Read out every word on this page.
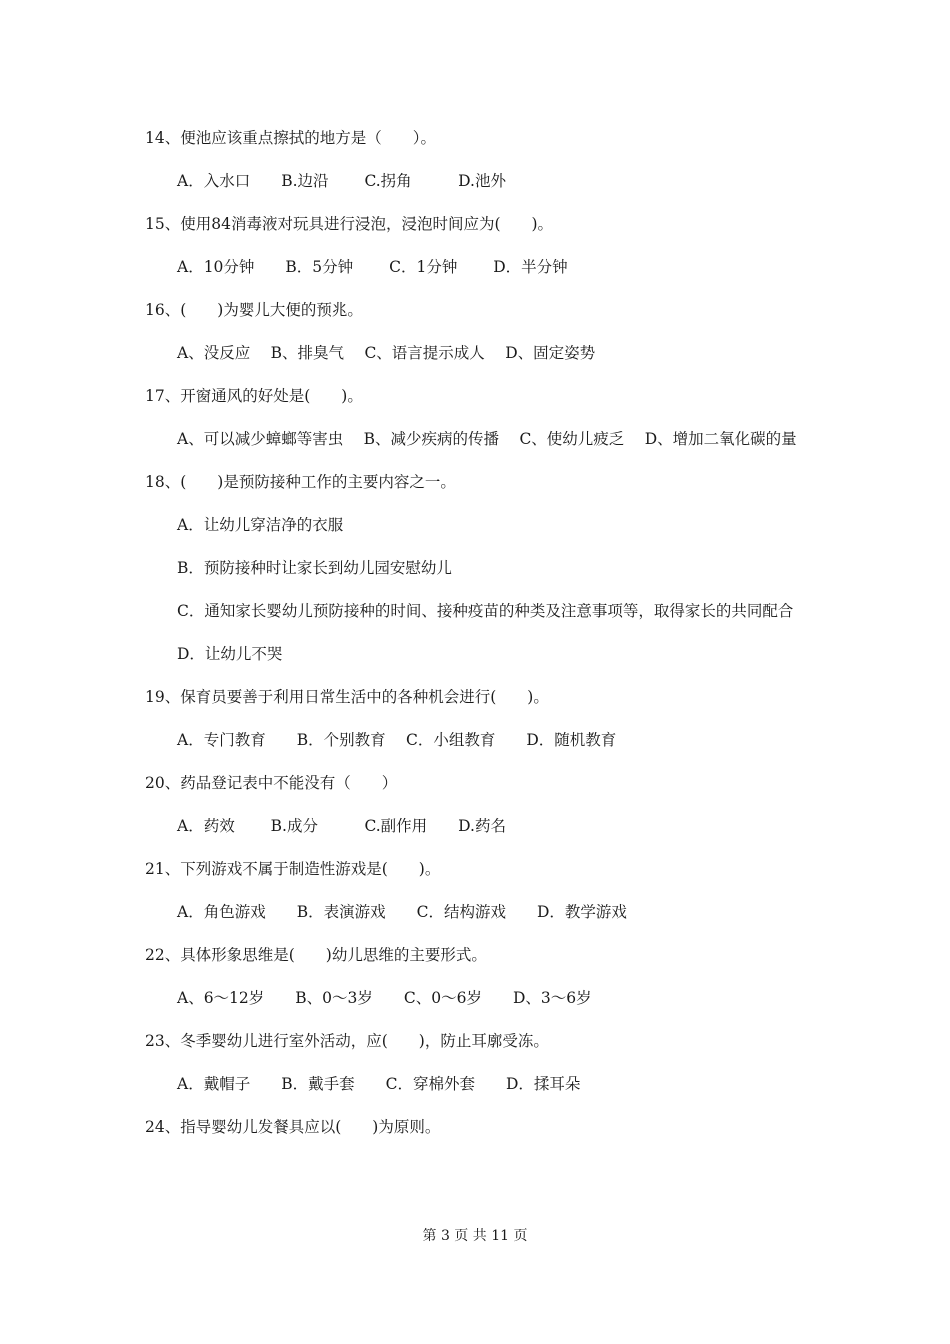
14、便池应该重点擦拭的地方是（　　）。

A．入水口　　B.边沿　　 C.拐角　　　D.池外

15、使用84消毒液对玩具进行浸泡，浸泡时间应为(　　)。

A．10分钟　　B．5分钟　　 C．1分钟　　 D．半分钟

16、(　　)为婴儿大便的预兆。

A、没反应　 B、排臭气　 C、语言提示成人　 D、固定姿势

17、开窗通风的好处是(　　)。

A、可以减少蟑螂等害虫　 B、减少疾病的传播　 C、使幼儿疲乏　 D、增加二氧化碳的量

18、(　　)是预防接种工作的主要内容之一。

A．让幼儿穿洁净的衣服

B．预防接种时让家长到幼儿园安慰幼儿

C．通知家长婴幼儿预防接种的时间、接种疫苗的种类及注意事项等，取得家长的共同配合

D．让幼儿不哭

19、保育员要善于利用日常生活中的各种机会进行(　　)。

A．专门教育　　B．个别教育　 C．小组教育　　D．随机教育

20、药品登记表中不能没有（　　）

A．药效　　 B.成分　　　C.副作用　　D.药名

21、下列游戏不属于制造性游戏是(　　)。

A．角色游戏　　B．表演游戏　　C．结构游戏　　D．教学游戏

22、具体形象思维是(　　)幼儿思维的主要形式。

A、6～12岁　　B、0～3岁　　C、0～6岁　　D、3～6岁

23、冬季婴幼儿进行室外活动，应(　　)，防止耳廓受冻。

A．戴帽子　　B．戴手套　　C．穿棉外套　　D．揉耳朵

24、指导婴幼儿发餐具应以(　　)为原则。

第 3 页 共 11 页
